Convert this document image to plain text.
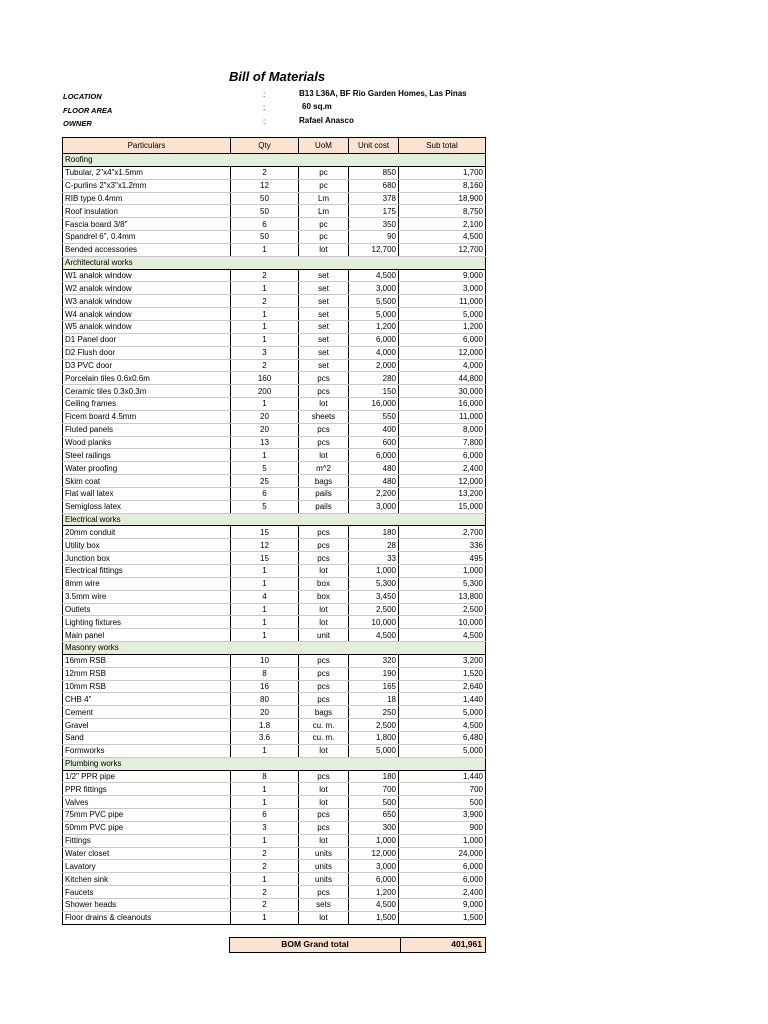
Bill of Materials
LOCATION	:	B13 L36A, BF Rio Garden Homes, Las Pinas
FLOOR AREA	:	60 sq.m
OWNER	:	Rafael Anasco
Particulars	Qty	UoM	Unit cost	Sub total
Roofing				
Tubular, 2"x4"x1.5mm	2	pc	850	1,700
C-purlins 2"x3"x1.2mm	12	pc	680	8,160
RIB type 0.4mm	50	Lm	378	18,900
Roof insulation	50	Lm	175	8,750
Fascia board 3/8"	6	pc	350	2,100
Spandrel 6", 0.4mm	50	pc	90	4,500
Bended accessories	1	lot	12,700	12,700
Architectural works				
W1 analok window	2	set	4,500	9,000
W2 analok window	1	set	3,000	3,000
W3 analok window	2	set	5,500	11,000
W4 analok window	1	set	5,000	5,000
W5 analok window	1	set	1,200	1,200
D1 Panel door	1	set	6,000	6,000
D2 Flush door	3	set	4,000	12,000
D3 PVC door	2	set	2,000	4,000
Porcelain tiles 0.6x0.6m	160	pcs	280	44,800
Ceramic tiles 0.3x0.3m	200	pcs	150	30,000
Ceiling frames	1	lot	16,000	16,000
Ficem board 4.5mm	20	sheets	550	11,000
Fluted panels	20	pcs	400	8,000
Wood planks	13	pcs	600	7,800
Steel railings	1	lot	6,000	6,000
Water proofing	5	m^2	480	2,400
Skim coat	25	bags	480	12,000
Flat wall latex	6	pails	2,200	13,200
Semigloss latex	5	pails	3,000	15,000
Electrical works				
20mm conduit	15	pcs	180	2,700
Utility box	12	pcs	28	336
Junction box	15	pcs	33	495
Electrical fittings	1	lot	1,000	1,000
8mm wire	1	box	5,300	5,300
3.5mm wire	4	box	3,450	13,800
Outlets	1	lot	2,500	2,500
Lighting fixtures	1	lot	10,000	10,000
Main panel	1	unit	4,500	4,500
Masonry works				
16mm RSB	10	pcs	320	3,200
12mm RSB	8	pcs	190	1,520
10mm RSB	16	pcs	165	2,640
CHB 4"	80	pcs	18	1,440
Cement	20	bags	250	5,000
Gravel	1.8	cu. m.	2,500	4,500
Sand	3.6	cu. m.	1,800	6,480
Formworks	1	lot	5,000	5,000
Plumbing works				
1/2" PPR pipe	8	pcs	180	1,440
PPR fittings	1	lot	700	700
Valves	1	lot	500	500
75mm PVC pipe	6	pcs	650	3,900
50mm PVC pipe	3	pcs	300	900
Fittings	1	lot	1,000	1,000
Water closet	2	units	12,000	24,000
Lavatory	2	units	3,000	6,000
Kitchen sink	1	units	6,000	6,000
Faucets	2	pcs	1,200	2,400
Shower heads	2	sets	4,500	9,000
Floor drains & cleanouts	1	lot	1,500	1,500
BOM Grand total	401,961
